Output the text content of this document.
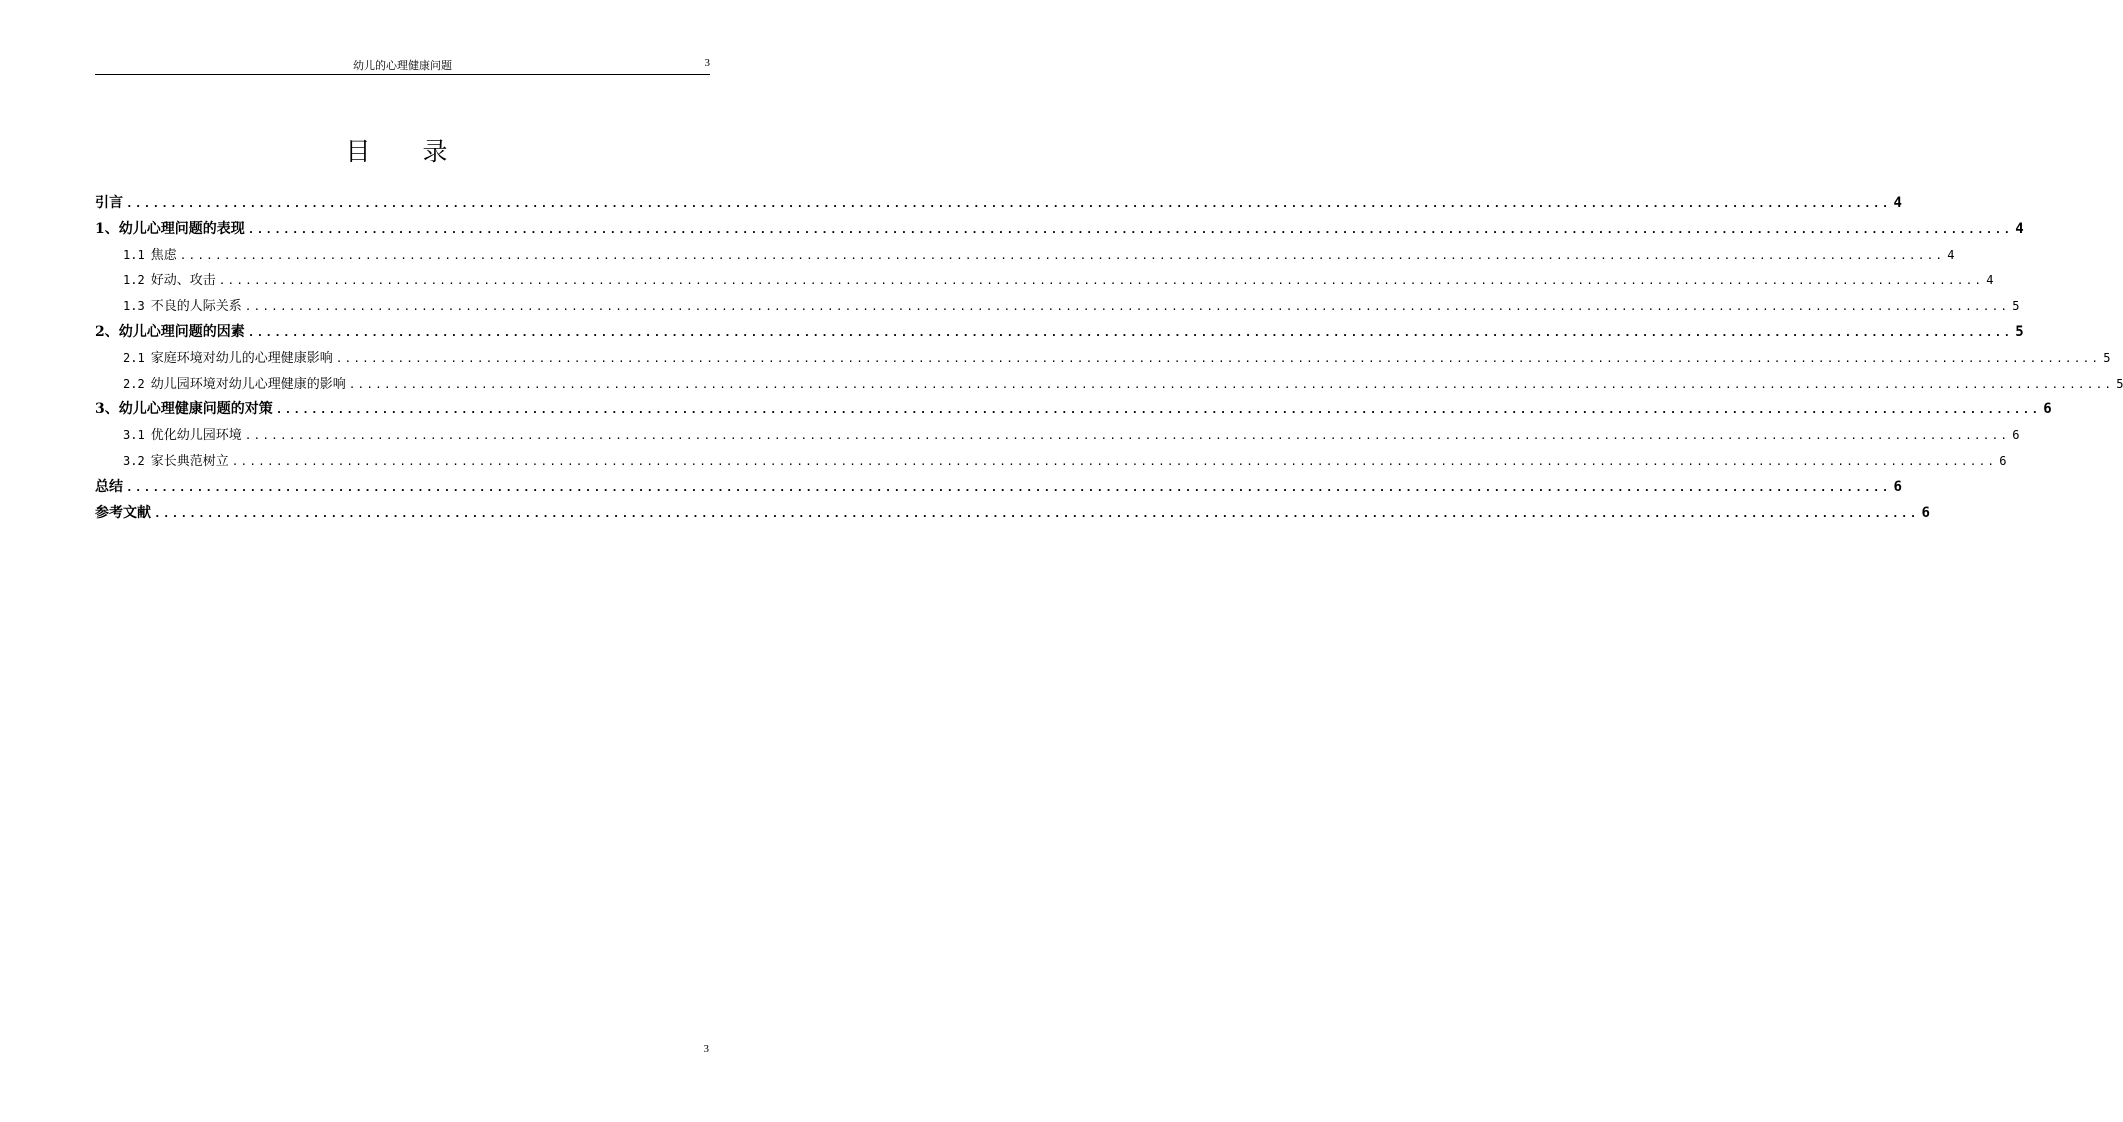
幼儿的心理健康问题	3
目 录
引言 ........................................................................................................................................................................................................ 4
1、幼儿心理问题的表现 ........................................................................................................................................................................................................ 4
1.1 焦虑 ........................................................................................................................................................................................................ 4
1.2 好动、攻击 ........................................................................................................................................................................................................ 4
1.3 不良的人际关系 ........................................................................................................................................................................................................ 5
2、幼儿心理问题的因素 ........................................................................................................................................................................................................ 5
2.1 家庭环境对幼儿的心理健康影响 ........................................................................................................................................................................................................ 5
2.2 幼儿园环境对幼儿心理健康的影响 ........................................................................................................................................................................................................ 5
3、幼儿心理健康问题的对策 ........................................................................................................................................................................................................ 6
3.1 优化幼儿园环境 ........................................................................................................................................................................................................ 6
3.2 家长典范树立 ........................................................................................................................................................................................................ 6
总结 ........................................................................................................................................................................................................ 6
参考文献 ........................................................................................................................................................................................................ 6
3
